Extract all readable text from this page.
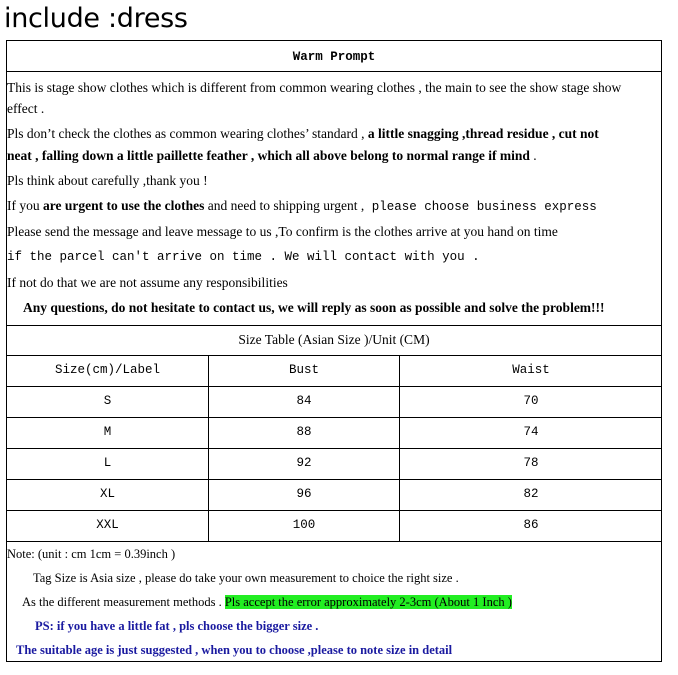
include :dress
Warm Prompt
This is stage show clothes which is different from common wearing clothes , the main to see the show stage show
effect .
Pls don’t check the clothes as common wearing clothes’ standard , a little snagging ,thread residue , cut not
neat , falling down a little paillette feather , which all above belong to normal range if mind .
Pls think about carefully ,thank you !
If you are urgent to use the clothes and need to shipping urgent , please choose business express
Please send the message and leave message to us ,To confirm is the clothes arrive at you hand on time
if the parcel can't arrive on time . We will contact with you .
If not do that we are not assume any responsibilities
Any questions, do not hesitate to contact us, we will reply as soon as possible and solve the problem!!!
Size Table (Asian Size )/Unit (CM)
Size(cm)/Label	Bust	Waist
S	84	70
M	88	74
L	92	78
XL	96	82
XXL	100	86
Note: (unit : cm 1cm = 0.39inch )
Tag Size is Asia size , please do take your own measurement to choice the right size .
As the different measurement methods . Pls accept the error approximately 2-3cm (About 1 Inch )
PS: if you have a little fat , pls choose the bigger size .
The suitable age is just suggested , when you to choose ,please to note size in detail
